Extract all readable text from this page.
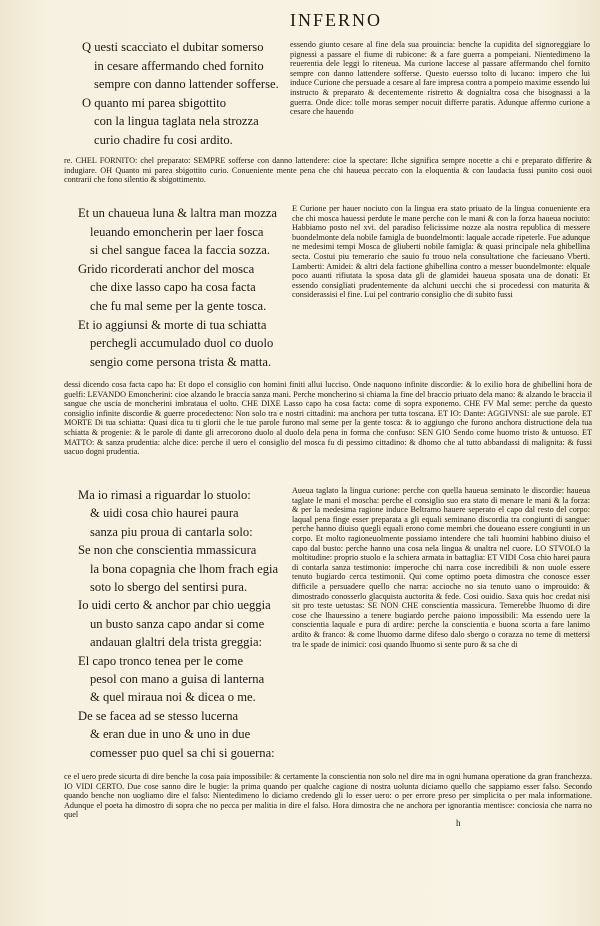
INFERNO
Q uesti scacciato el dubitar somerso
in cesare affermando ched fornito
sempre con danno lattender sofferse.
O quanto mi parea sbigottito
con la lingua taglata nela strozza
curio chadire fu cosi ardito.
essendo giunto cesare al fine dela sua prouincia: benche la cupidita del signoreggiare lo pignessi a passare el fiume di rubicone: & a fare guerra a pompeiani. Nientedimeno la reuerentia dele leggi lo riteneua. Ma curione laccese al passare affermando chel fornito sempre con danno lattendere sofferse. Questo euersso tolto di lucano: impero che lui induce Curione che persuade a cesare al fare impresa contra a pompeio maxime essendo lui instructo & preparato & decentemente ristretto & dognialtra cosa che bisognassi a la guerra. Onde dice: tolle moras semper nocuit differre paratis. Adunque affermo curione a cesare che hauendo
re. CHEL FORNITO: chel preparato: SEMPRE sofferse con danno lattendere: cioe la spectare: Ilche significa sempre nocette a chi e preparato differire & indugiare. OH Quanto mi parea sbigottito curio. Conueniente mente pena che chi haueua peccato con la eloquentia & con laudacia fussi punito cosi ouoi contrarii che fono silentio & sbigottimento.
Et un chaueua luna & laltra man mozza
leuando emoncherin per laer fosca
si chel sangue facea la faccia sozza.
Grido ricorderati anchor del mosca
che dixe lasso capo ha cosa facta
che fu mal seme per la gente tosca.
Et io aggiunsi & morte di tua schiatta
perchegli accumulado duol co duolo
sengio come persona trista & matta.
E Curione per hauer nociuto con la lingua era stato priuato de la lingua conueniente era che chi mosca hauessi perdute le mane perche con le mani & con la forza haueua nociuto: Habbiamo posto nel xvi. del paradiso felicissime nozze ala nostra republica di messere buondelmonte dela nobile famigla de buondelmonti: laquale accade ripeterle. Fue adunque ne medesimi tempi Mosca de gliuberti nobile famigla: & quasi principale nela ghibellina secta. Costui piu temerario che sauio fu trouo nela consultatione che facieuano Vberti. Lamberti: Amidei: & altri dela factione ghibellina contro a messer buondelmonte: elquale poco auanti rifiutata la sposa data gli de glamidei haueua sposata una de donati: Et essendo consigliati prudentemente da alchuni uecchi che si procedessi con maturita & considerassisi el fine. Lui pel contrario consiglio che di subito fussi
dessi dicendo cosa facta capo ha: Et dopo el consiglio con homini finiti allui lucciso. Onde naquono infinite discordie: & lo exilio hora de ghibellini hora de guelfi: LEVANDO Emoncherini: cioe alzando le braccia sanza mani. Perche moncherino si chiama la fine del braccio priuato dela mano: & alzando le braccia il sangue che uscia de moncherini imbrataua el uolto. CHE DIXE Lasso capo ha cosa facta: come di sopra exponemo. CHE FV Mal seme: perche da questo consiglio infinite discordie & guerre procedecteno: Non solo tra e nostri cittadini: ma anchora per tutta toscana. ET IO: Dante: AGGIVNSI: ale sue parole. ET MORTE Di tua schiatta: Quasi dica tu ti glorii che le tue parole furono mal seme per la gente tosca: & io aggiungo che furono anchora distructione dela tua schiatta & progenie: & le parole di dante gli arrecorono duolo al duolo dela pena in forma che confuso: SEN GIO Sendo come huomo tristo & untuoso. ET MATTO: & sanza prudentia: alche dice: perche il uero el consiglio del mosca fu di pessimo cittadino: & dhomo che al tutto abbandassi di malignita: & fussi uacuo dogni prudentia.
Ma io rimasi a riguardar lo stuolo:
& uidi cosa chio haurei paura
sanza piu proua di cantarla solo:
Se non che conscientia mmassicura
la bona copagnia che lhom frach egia
soto lo sbergo del sentirsi pura.
Io uidi certo & anchor par chio ueggia
un busto sanza capo andar si come
andauan glaltri dela trista greggia:
El capo tronco tenea per le come
pesol con mano a guisa di lanterna
& quel miraua noi & dicea o me.
De se facea ad se stesso lucerna
& eran due in uno & uno in due
comesser puo quel sa chi si gouerna:
Aueua taglato la lingua curione: perche con quella haueua seminato le discordie: haueua taglate le mani el moscha: perche el consiglio suo era stato di menare le mani & la forza: & per la medesima ragione induce Beltramo hauere seperato el capo dal resto del corpo: laqual pena finge esser preparata a gli equali seminano discordia tra congiunti di sangue: perche hanno diuiso quegli equali erono come membri che doueano essere congiunti in un corpo. Et molto ragioneuolmente possiamo intendere che tali huomini habbino diuiso el capo dal busto: perche hanno una cosa nela lingua & unaltra nel cuore. LO STVOLO la moltitudine: proprio stuolo e la schiera armata in battaglia: ET VIDI Cosa chio harei paura di contarla sanza testimonio: imperoche chi narra cose incredibili & non uuole essere tenuto bugiardo cerca testimonii. Qui come optimo poeta dimostra che conosce esser difficile a persuadere quello che narra: accioche no sia tenuto uano o improuido: & dimostrado conosserlo glacquista auctorita & fede. Cosi ouidio. Saxa quis hoc credat nisi sit pro teste uetustas: SE NON CHE conscientia massicura. Temerebbe lhuomo di dire cose che lhauessino a tenere bugiardo perche paiono impossibili: Ma essendo uere la conscientia laquale e pura di ardire: perche la conscientia e buona scorta a fare lanimo ardito & franco: & come lhuomo darme difeso dalo sbergo o corazza no teme di mettersi tra le spade de inimici: cosi quando lhuomo si sente puro & sa che di
ce el uero prede sicurta di dire benche la cosa paia impossibile: & certamente la conscientia non solo nel dire ma in ogni humana operatione da gran franchezza. IO VIDI CERTO. Due cose sanno dire le bugie: la prima quando per qualche cagione di nostra uolunta diciamo quello che sappiamo esser falso. Secondo quando benche non uogliamo dire el falso: Nientedimeno lo diciamo credendo gli lo esser uero: o per errore preso per simplicita o per mala informatione. Adunque el poeta ha dimostro di sopra che no pecca per malitia in dire el falso. Hora dimostra che ne anchora per ignorantia mentisce: conciosia che narra no quel
h
